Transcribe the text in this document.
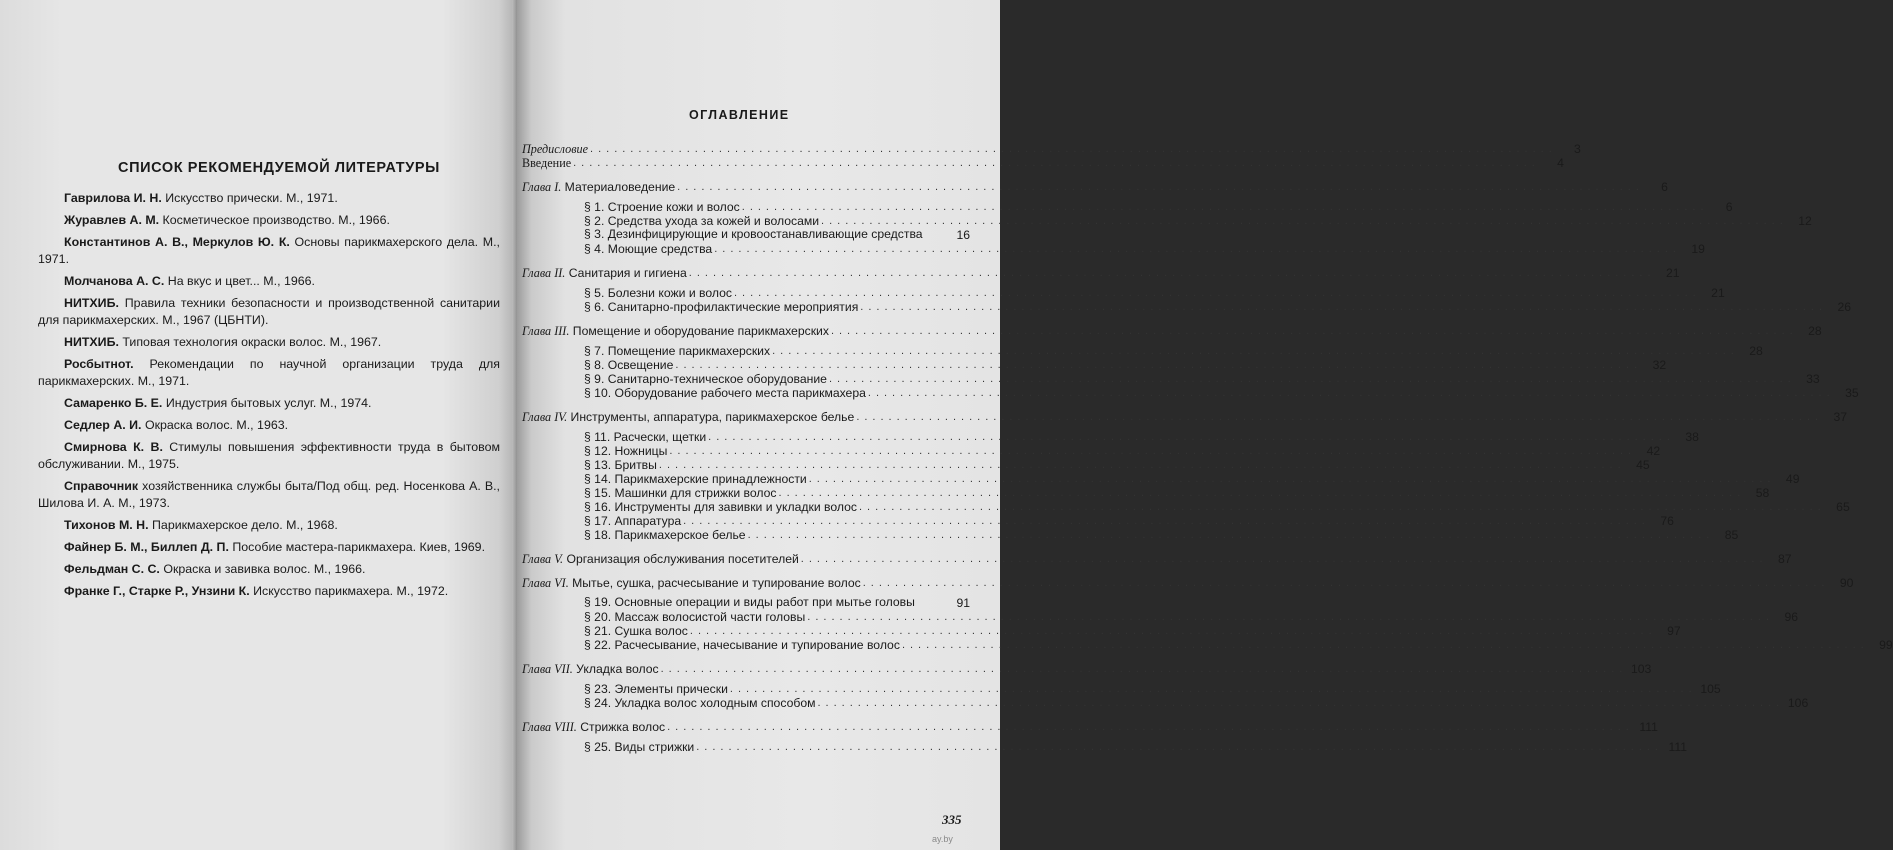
СПИСОК РЕКОМЕНДУЕМОЙ ЛИТЕРАТУРЫ
Гаврилова И. Н. Искусство прически. М., 1971.
Журавлев А. М. Косметическое производство. М., 1966.
Константинов А. В., Меркулов Ю. К. Основы парикмахерского дела. М., 1971.
Молчанова А. С. На вкус и цвет... М., 1966.
НИТХИБ. Правила техники безопасности и производственной санитарии для парикмахерских. М., 1967 (ЦБНТИ).
НИТХИБ. Типовая технология окраски волос. М., 1967.
Росбытнот. Рекомендации по научной организации труда для парикмахерских. М., 1971.
Самаренко Б. Е. Индустрия бытовых услуг. М., 1974.
Седлер А. И. Окраска волос. М., 1963.
Смирнова К. В. Стимулы повышения эффективности труда в бытовом обслуживании. М., 1975.
Справочник хозяйственника службы быта/Под общ. ред. Носенкова А. В., Шилова И. А. М., 1973.
Тихонов М. Н. Парикмахерское дело. М., 1968.
Файнер Б. М., Биллеп Д. П. Пособие мастера-парикмахера. Киев, 1969.
Фельдман С. С. Окраска и завивка волос. М., 1966.
Франке Г., Старке Р., Унзини К. Искусство парикмахера. М., 1972.
ОГЛАВЛЕНИЕ
Предисловие ........................................................................................................................	3
Введение ........................................................................................................................	4
Глава I. Материаловедение ........................................................................................................................	6
§ 1. Строение кожи и волос ........................................................................................................................	6
§ 2. Средства ухода за кожей и волосами ........................................................................................................................ 12
§ 3. Дезинфицирующие и кровоостанавливающие средства	16
§ 4. Моющие средства ........................................................................................................................ 19
Глава II. Санитария и гигиена ........................................................................................................................ 21
§ 5. Болезни кожи и волос ........................................................................................................................ 21
§ 6. Санитарно-профилактические мероприятия ........................................................................................................................ 26
Глава III. Помещение и оборудование парикмахерских ........................................................................................................................ 28
§ 7. Помещение парикмахерских ........................................................................................................................ 28
§ 8. Освещение ........................................................................................................................ 32
§ 9. Санитарно-техническое оборудование ........................................................................................................................ 33
§ 10. Оборудование рабочего места парикмахера ........................................................................................................................ 35
Глава IV. Инструменты, аппаратура, парикмахерское белье ........................................................................................................................ 37
§ 11. Расчески, щетки ........................................................................................................................ 38
§ 12. Ножницы ........................................................................................................................ 42
§ 13. Бритвы ........................................................................................................................ 45
§ 14. Парикмахерские принадлежности ........................................................................................................................ 49
§ 15. Машинки для стрижки волос ........................................................................................................................ 58
§ 16. Инструменты для завивки и укладки волос ........................................................................................................................ 65
§ 17. Аппаратура ........................................................................................................................ 76
§ 18. Парикмахерское белье ........................................................................................................................ 85
Глава V. Организация обслуживания посетителей ........................................................................................................................ 87
Глава VI. Мытье, сушка, расчесывание и тупирование волос ........................................................................................................................ 90
§ 19. Основные операции и виды работ при мытье головы	91
§ 20. Массаж волосистой части головы ........................................................................................................................ 96
§ 21. Сушка волос ........................................................................................................................ 97
§ 22. Расчесывание, начесывание и тупирование волос ........................................................................................................................ 99
Глава VII. Укладка волос ........................................................................................................................ 103
§ 23. Элементы прически ........................................................................................................................ 105
§ 24. Укладка волос холодным способом ........................................................................................................................ 106
Глава VIII. Стрижка волос ........................................................................................................................ 111
§ 25. Виды стрижки ........................................................................................................................ 111
335
ay.by
